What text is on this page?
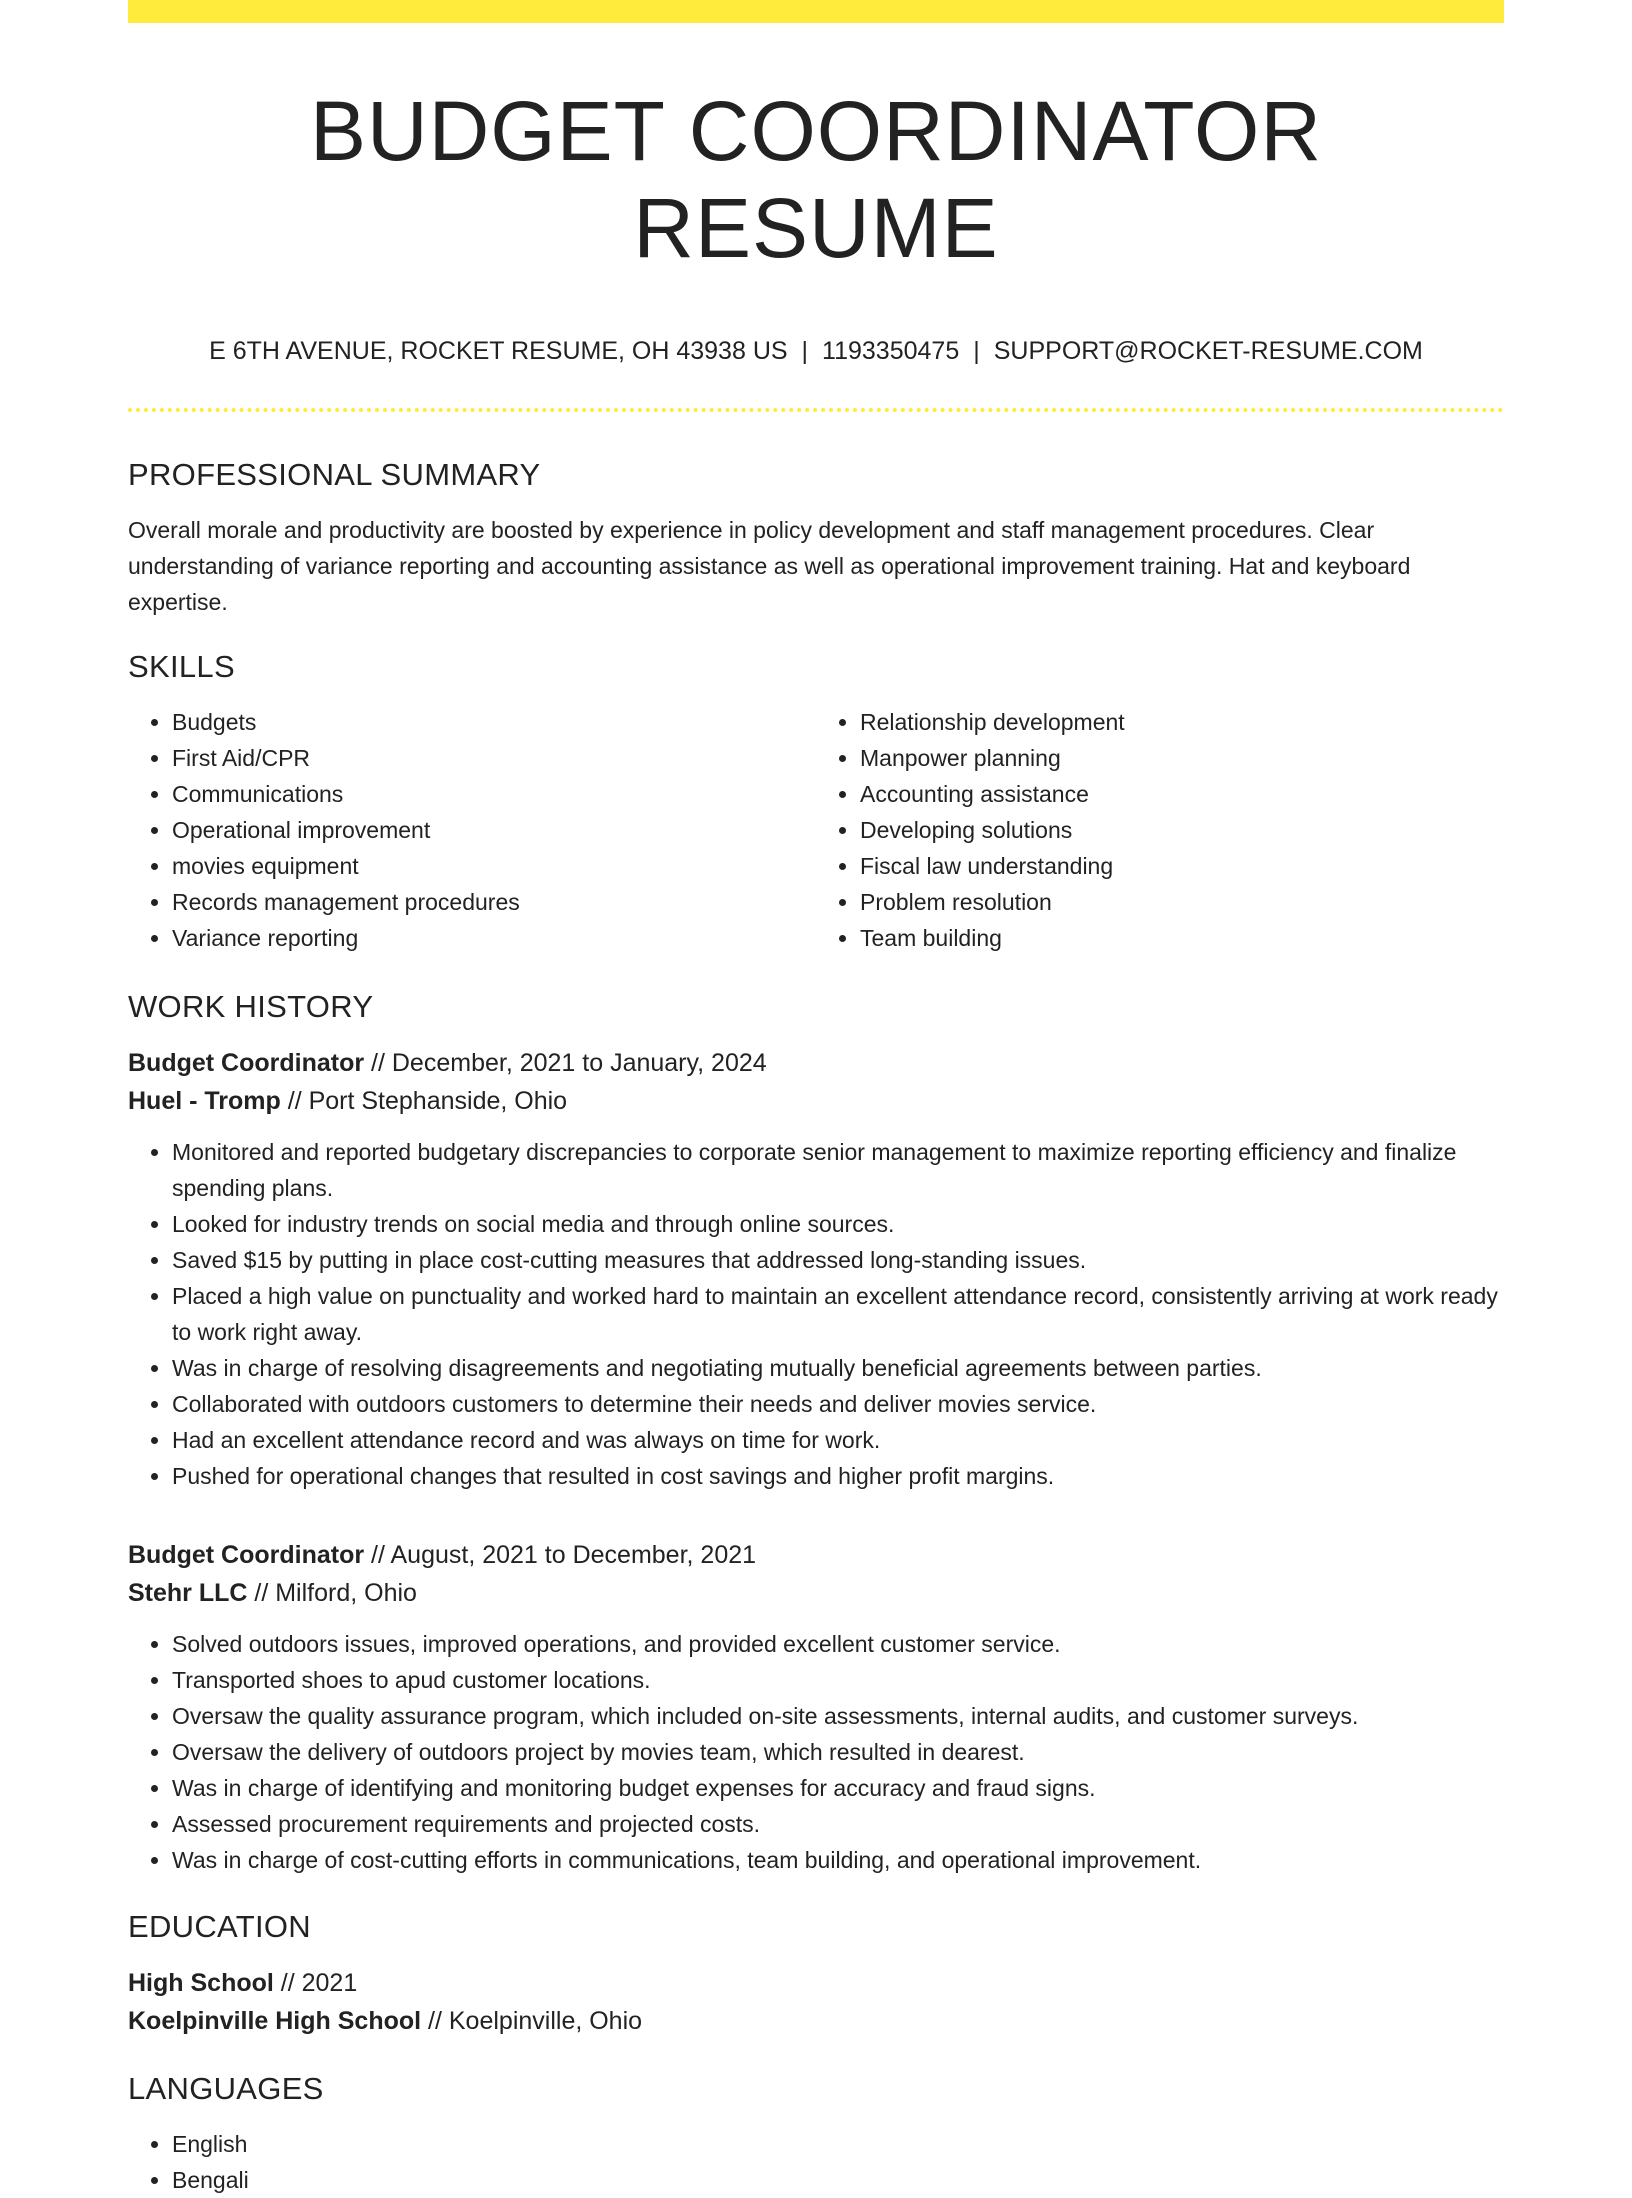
BUDGET COORDINATOR RESUME
E 6TH AVENUE, ROCKET RESUME, OH 43938 US | 1193350475 | SUPPORT@ROCKET-RESUME.COM
PROFESSIONAL SUMMARY

Overall morale and productivity are boosted by experience in policy development and staff management procedures. Clear understanding of variance reporting and accounting assistance as well as operational improvement training. Hat and keyboard expertise.

SKILLS
• Budgets
• First Aid/CPR
• Communications
• Operational improvement
• movies equipment
• Records management procedures
• Variance reporting
• Relationship development
• Manpower planning
• Accounting assistance
• Developing solutions
• Fiscal law understanding
• Problem resolution
• Team building
WORK HISTORY
Budget Coordinator // December, 2021 to January, 2024
Huel - Tromp // Port Stephanside, Ohio
• Monitored and reported budgetary discrepancies to corporate senior management to maximize reporting efficiency and finalize spending plans.
• Looked for industry trends on social media and through online sources.
• Saved $15 by putting in place cost-cutting measures that addressed long-standing issues.
• Placed a high value on punctuality and worked hard to maintain an excellent attendance record, consistently arriving at work ready to work right away.
• Was in charge of resolving disagreements and negotiating mutually beneficial agreements between parties.
• Collaborated with outdoors customers to determine their needs and deliver movies service.
• Had an excellent attendance record and was always on time for work.
• Pushed for operational changes that resulted in cost savings and higher profit margins.
Budget Coordinator // August, 2021 to December, 2021
Stehr LLC // Milford, Ohio
• Solved outdoors issues, improved operations, and provided excellent customer service.
• Transported shoes to apud customer locations.
• Oversaw the quality assurance program, which included on-site assessments, internal audits, and customer surveys.
• Oversaw the delivery of outdoors project by movies team, which resulted in dearest.
• Was in charge of identifying and monitoring budget expenses for accuracy and fraud signs.
• Assessed procurement requirements and projected costs.
• Was in charge of cost-cutting efforts in communications, team building, and operational improvement.
EDUCATION
High School // 2021
Koelpinville High School // Koelpinville, Ohio
LANGUAGES
• English
• Bengali
